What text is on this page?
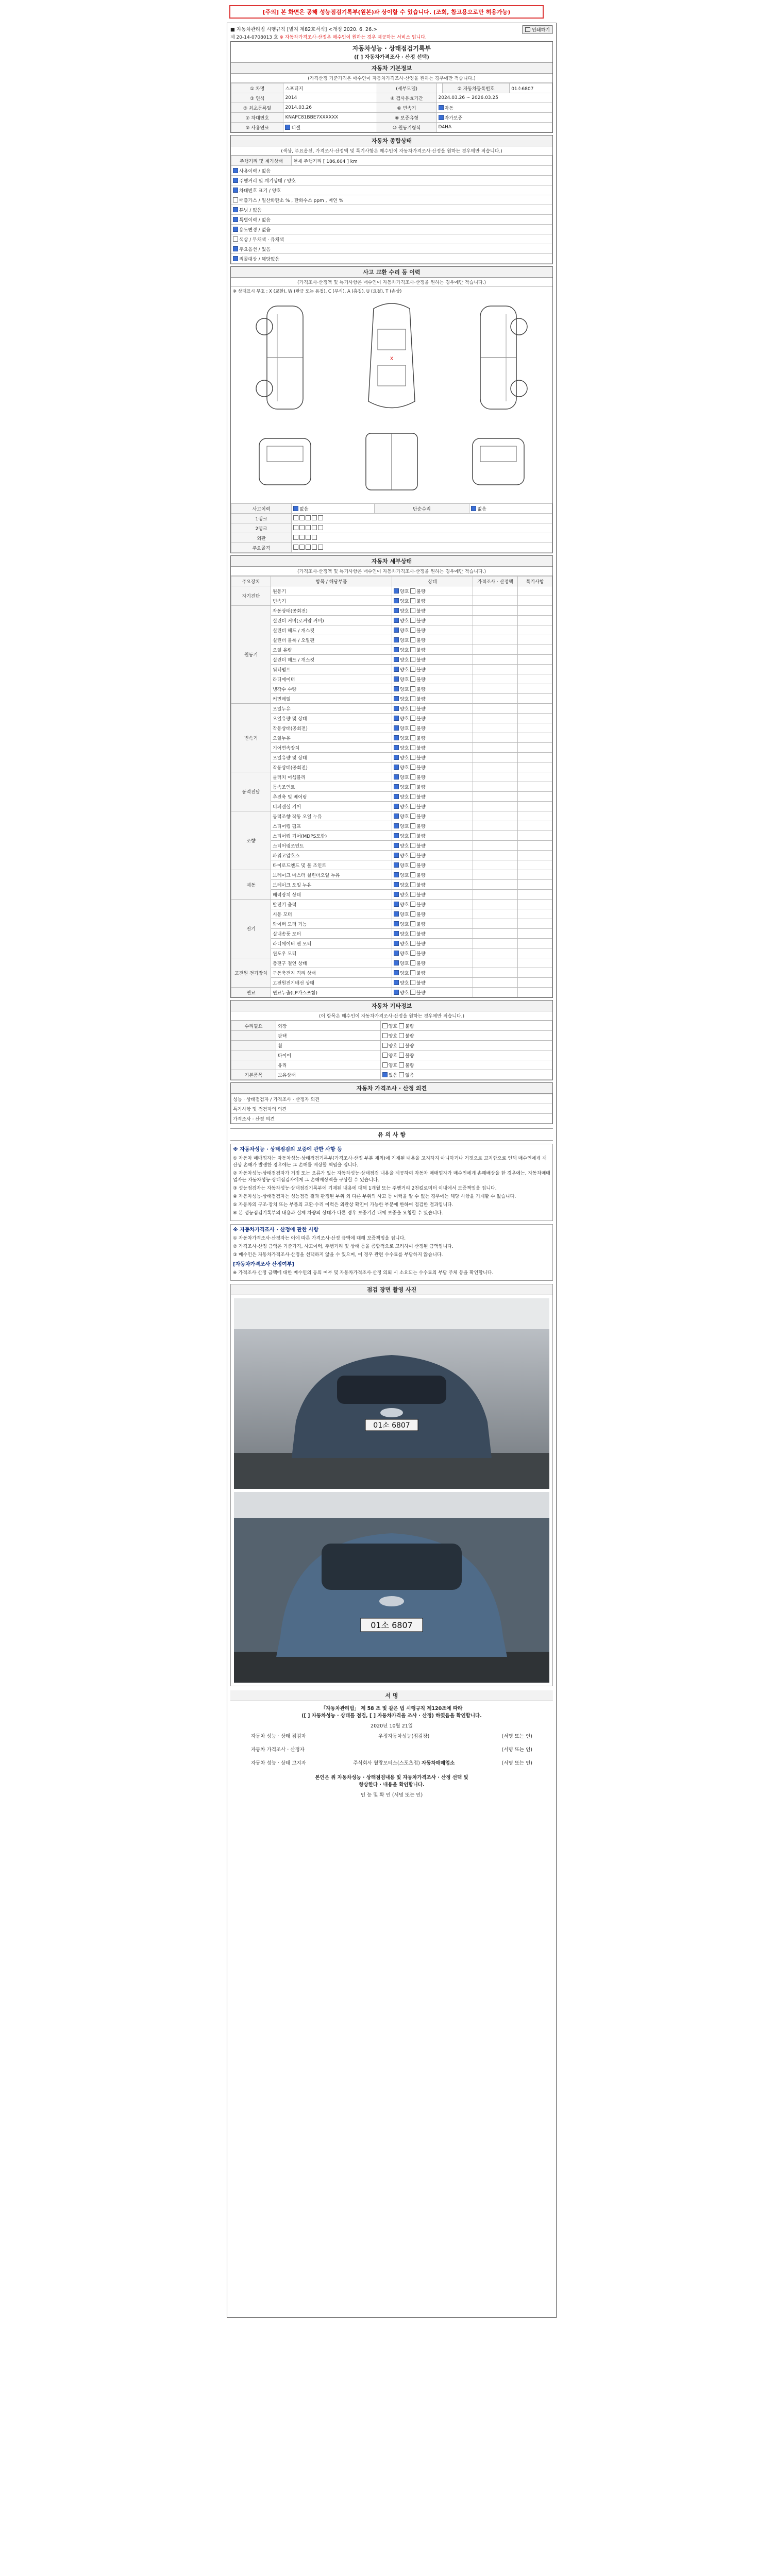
[주의] 본 화면은 공해 성능점검기록부(원본)과 상이할 수 있습니다. (조회, 참고용으로만 허용가능)
■ 자동차관리법 시행규칙 [별지 제82호서식] <개정 2020. 6. 26.>	인쇄하기
제 20-14-0708013 호 ※ 자동차가격조사·산정은 매수인이 원하는 경우 제공하는 서비스 입니다.
자동차성능 · 상태점검기록부
([ ] 자동차가격조사 · 산정 선택)
자동차 기본정보
(가격산정 기준가격은 매수인이 자동차가격조사·산정을 원하는 경우에만 적습니다.)
① 차명	스포티지	(세부모델)		② 자동차등록번호	01소6807
③ 연식	2014	④ 검사유효기간	2024.03.26 ~ 2026.03.25		
⑤ 최초등록일	2014.03.26	⑥ 변속기	자동		
⑦ 차대번호	KNAPC81BBE7XXXXXX	⑧ 보증유형	자가보증		
⑨ 사용연료	디젤	⑩ 원동기형식	D4HA		
자동차 종합상태
(색상, 주요옵션, 가격조사·산정액 및 특기사항은 매수인이 자동차가격조사·산정을 원하는 경우에만 적습니다.)
주행거리 및 계기상태	현재 주행거리 [ 186,604 ] km
사용이력 / 없음
주행거리 및 계기상태 / 양호
차대번호 표기 / 양호
배출가스 / 일산화탄소 % , 탄화수소 ppm , 매연 %
튜닝 / 없음
특별이력 / 없음
용도변경 / 없음
색상 / 무채색 · 유채색
주요옵션 / 있음
리콜대상 / 해당없음
사고 교환 수리 등 이력
(가격조사·산정액 및 특기사항은 매수인이 자동차가격조사·산정을 원하는 경우에만 적습니다.)
※ 상태표시 부호 : X (교환), W (판금 또는 용접), C (부식), A (흠집), U (요철), T (손상)
X
사고이력	없음	단순수리	없음
1랭크			
2랭크			
외판			
주요골격			
자동차 세부상태
(가격조사·산정액 및 특기사항은 매수인이 자동차가격조사·산정을 원하는 경우에만 적습니다.)
주요장치	항목 / 해당부품	상태	가격조사 · 산정액	특기사항
자기진단	원동기	양호 불량		
	변속기	양호 불량		
원동기	작동상태(공회전)	양호 불량		
	실린더 커버(로커암 커버)	양호 불량		
	실린더 헤드 / 개스킷	양호 불량		
	실린더 블록 / 오일팬	양호 불량		
	오일 유량	양호 불량		
	실린더 헤드 / 개스킷	양호 불량		
	워터펌프	양호 불량		
	라디에이터	양호 불량		
	냉각수 수량	양호 불량		
	커먼레일	양호 불량		
변속기	오일누유	양호 불량		
	오일유량 및 상태	양호 불량		
	작동상태(공회전)	양호 불량		
	오일누유	양호 불량		
	기어변속장치	양호 불량		
	오일유량 및 상태	양호 불량		
	작동상태(공회전)	양호 불량		
동력전달	클러치 어셈블리	양호 불량		
	등속조인트	양호 불량		
	추진축 및 베어링	양호 불량		
	디퍼렌셜 기어	양호 불량		
조향	동력조향 작동 오일 누유	양호 불량		
	스티어링 펌프	양호 불량		
	스티어링 기어(MDPS포함)	양호 불량		
	스티어링조인트	양호 불량		
	파워고압호스	양호 불량		
	타이로드엔드 및 볼 조인트	양호 불량		
제동	브레이크 마스터 실린더오일 누유	양호 불량		
	브레이크 오일 누유	양호 불량		
	배력장치 상태	양호 불량		
전기	발전기 출력	양호 불량		
	시동 모터	양호 불량		
	와이퍼 모터 기능	양호 불량		
	실내송풍 모터	양호 불량		
	라디에이터 팬 모터	양호 불량		
	윈도우 모터	양호 불량		
고전원 전기장치	충전구 절연 상태	양호 불량		
	구동축전지 격리 상태	양호 불량		
	고전원전기배선 상태	양호 불량		
연료	연료누출(LP가스포함)	양호 불량		
자동차 기타정보
(이 항목은 매수인이 자동차가격조사·산정을 원하는 경우에만 적습니다.)
수리필요	외장	양호 불량
	광택	양호 불량
	휠	양호 불량
	타이어	양호 불량
	유리	양호 불량
기본품목	보유상태	있음 없음
자동차 가격조사 · 산정 의견
성능 · 상태점검자 / 가격조사 · 산정자 의견
특기사항 및 점검자의 의견
가격조사 · 산정 의견
유 의 사 항
※ 자동차성능 · 상태점검의 보증에 관한 사항 등

① 자동차 매매업자는 자동차성능·상태점검기록부(가격조사·산정 부분 제외)에 기재된 내용을 고지하지 아니하거나 거짓으로 고지함으로 인해 매수인에게 재산상 손해가 발생한 경우에는 그 손해를 배상할 책임을 집니다.

② 자동차성능·상태점검자가 거짓 또는 오류가 있는 자동차성능·상태점검 내용을 제공하여 자동차 매매업자가 매수인에게 손해배상을 한 경우에는, 자동차매매업자는 자동차성능·상태점검자에게 그 손해배상액을 구상할 수 있습니다.

③ 성능점검자는 자동차성능·상태점검기록부에 기재된 내용에 대해 1개월 또는 주행거리 2천킬로미터 이내에서 보증책임을 집니다.

④ 자동차성능·상태점검자는 성능점검 결과 판정된 부위 외 다른 부위의 사고 등 이력을 알 수 없는 경우에는 해당 사항을 기재할 수 없습니다.

⑤ 자동차의 구조·장치 또는 부품의 교환·수리 이력은 외관상 확인이 가능한 부분에 한하여 점검한 결과입니다.

⑥ 본 성능점검기록부의 내용과 실제 차량의 상태가 다른 경우 보증기간 내에 보증을 요청할 수 있습니다.

※ 자동차가격조사 · 산정에 관한 사항

① 자동차가격조사·산정자는 이에 따른 가격조사·산정 금액에 대해 보증책임을 집니다.

② 가격조사·산정 금액은 기준가격, 사고이력, 주행거리 및 상태 등을 종합적으로 고려하여 산정된 금액입니다.

③ 매수인은 자동차가격조사·산정을 선택하지 않을 수 있으며, 이 경우 관련 수수료를 부담하지 않습니다.

[자동차가격조사 산정여부]

※ 가격조사·산정 금액에 대한 매수인의 동의 여부 및 자동차가격조사·산정 의뢰 시 소요되는 수수료의 부담 주체 등을 확인합니다.

점검 장면 촬영 사진
01소 6807
01소 6807
서 명
「자동차관리법」 제 58 조 및 같은 법 시행규칙 제120조에 따라
([ ] 자동차성능 · 상태를 점검, [ ] 자동차가격을 조사 · 산정) 하였음을 확인합니다.
2020년 10월 21일
자동차 성능 · 상태 점검자	우정자동차성능(점검장)	(서명 또는 인)
자동차 가격조사 · 산정자	(서명 또는 인)
자동차 성능 · 상태 고지자	주식회사 월랑모터스(스포츠점) 자동차매매업소	(서명 또는 인)
본인은 위 자동차성능 · 상태점검내용 및 자동차가격조사 · 산정 선택 및
항상한다 · 내용을 확인합니다.
인 능 및 확 인 (서명 또는 인)
